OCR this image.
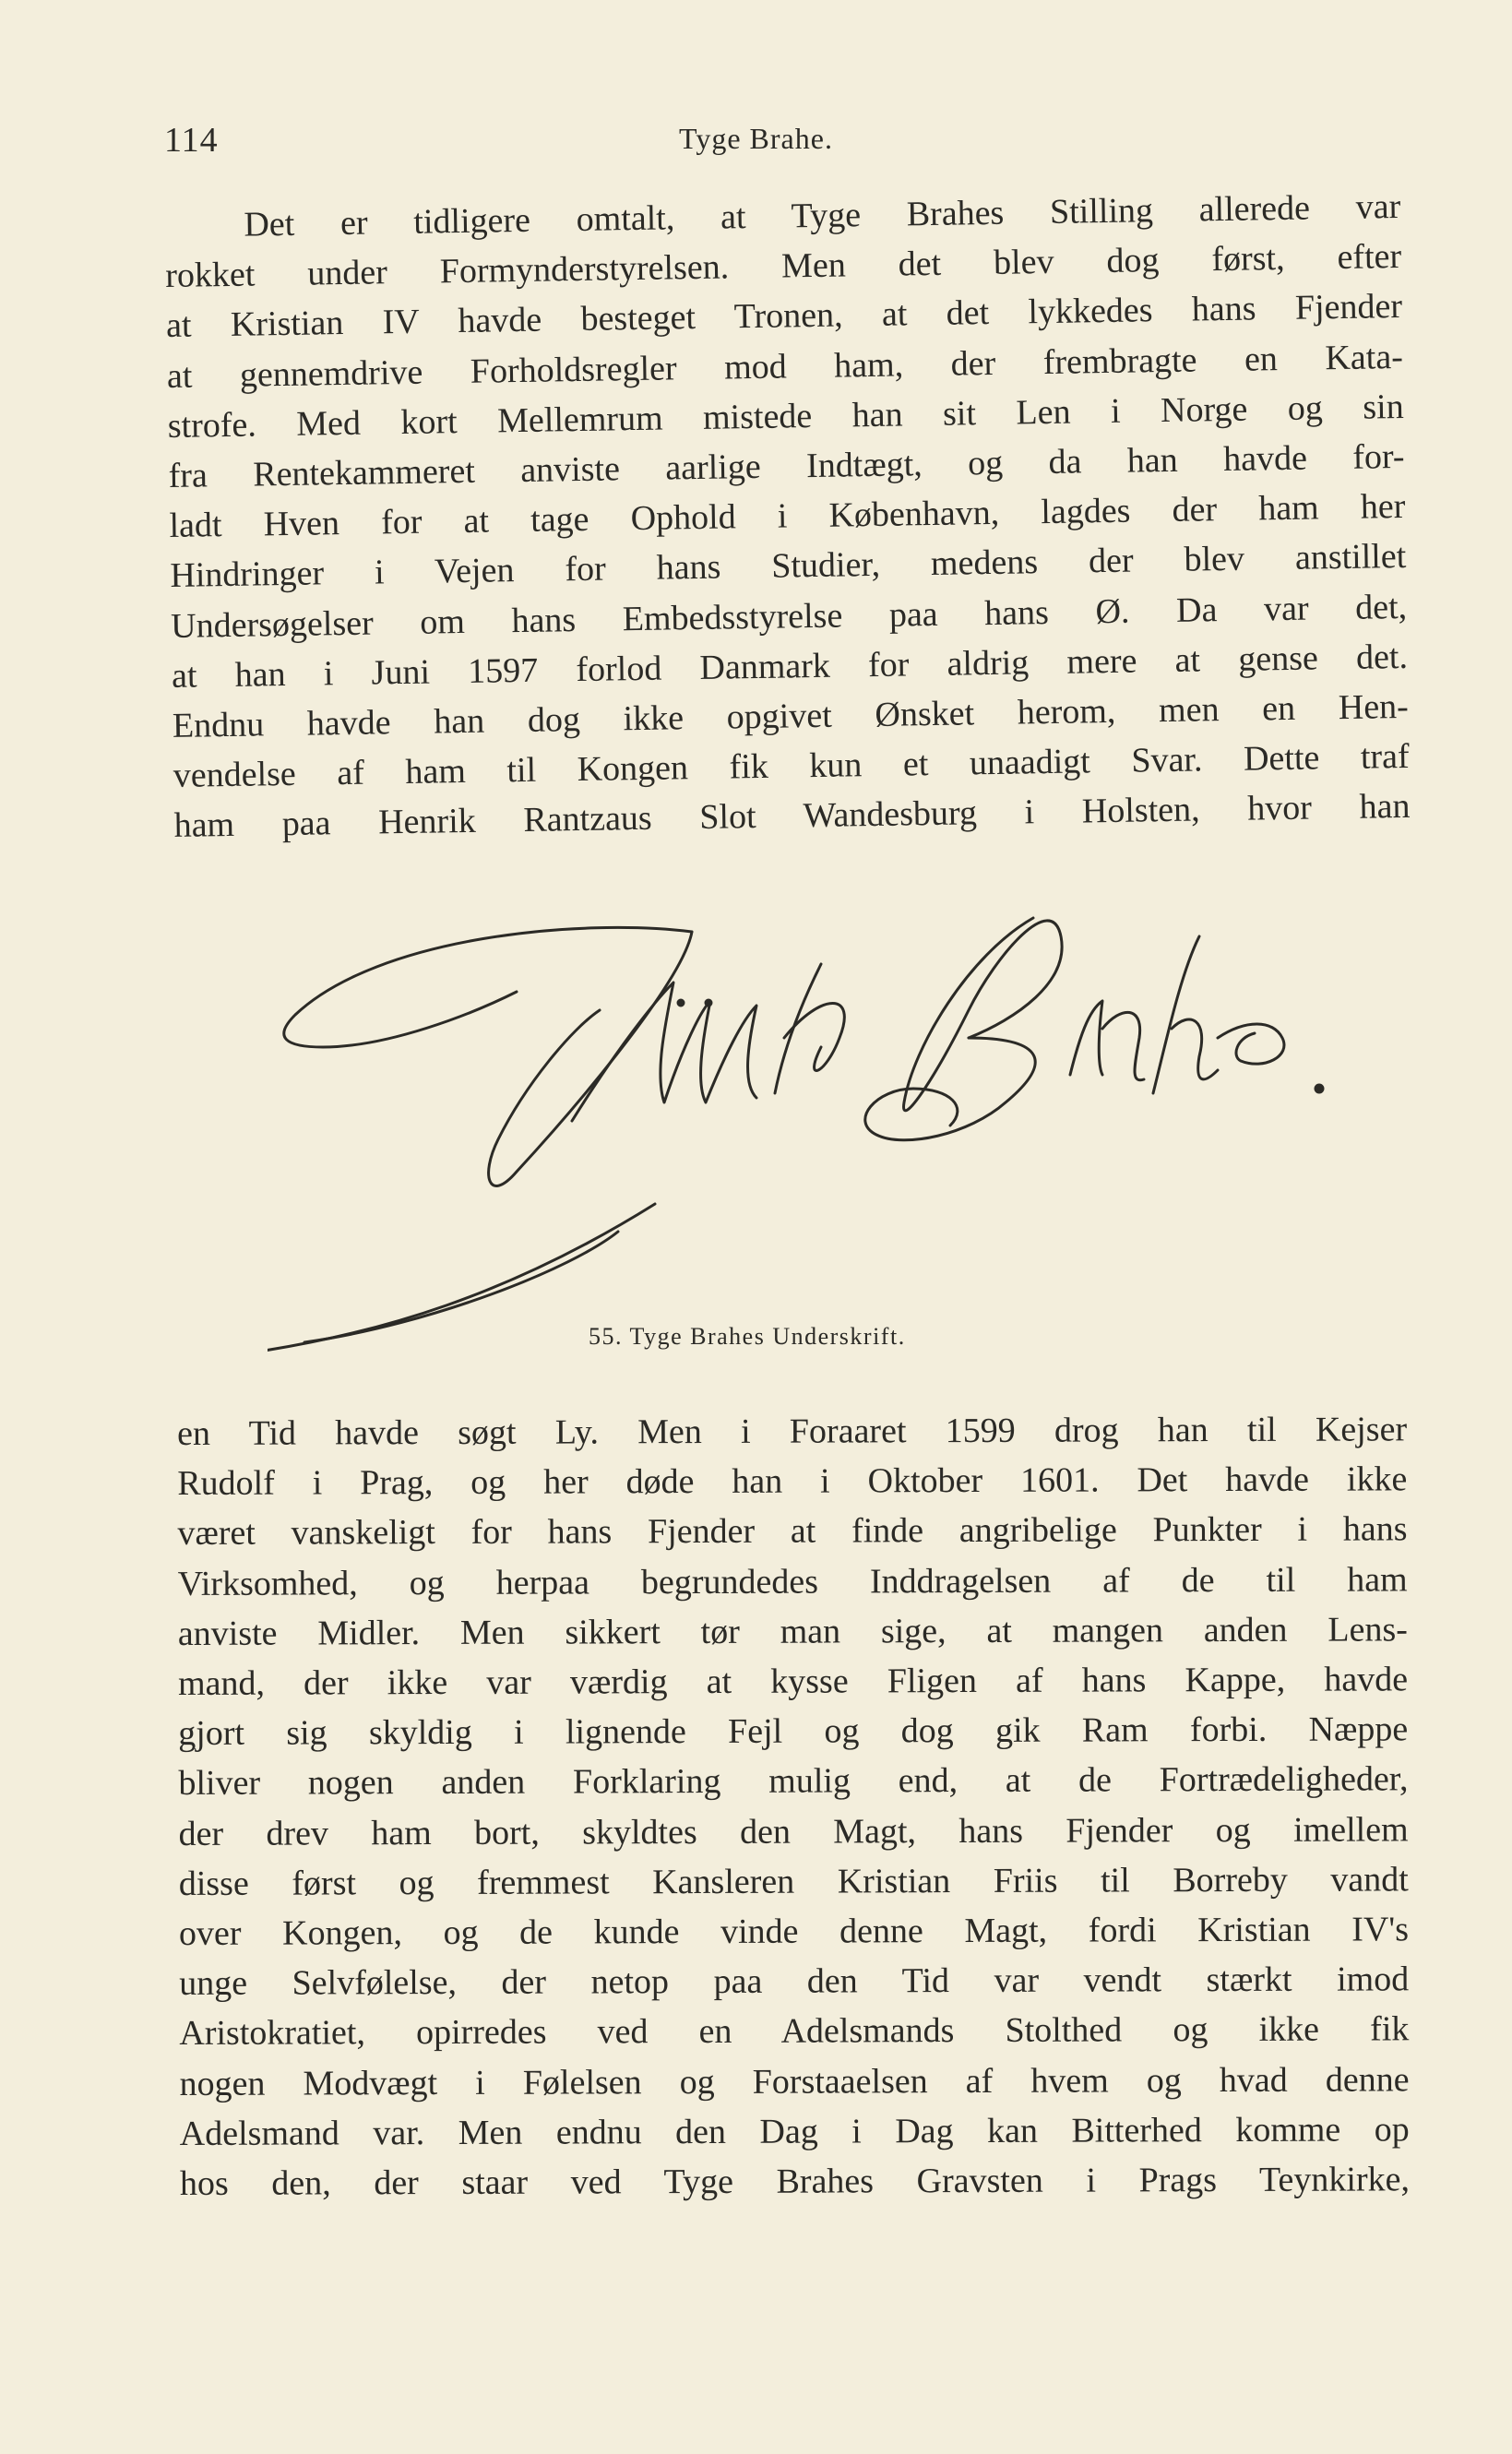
114	Tyge Brahe.
Det er tidligere omtalt, at Tyge Brahes Stilling allerede var
rokket under Formynderstyrelsen. Men det blev dog først, efter
at Kristian IV havde besteget Tronen, at det lykkedes hans Fjender
at gennemdrive Forholdsregler mod ham, der frembragte en Kata-
strofe. Med kort Mellemrum mistede han sit Len i Norge og sin
fra Rentekammeret anviste aarlige Indtægt, og da han havde for-
ladt Hven for at tage Ophold i København, lagdes der ham her
Hindringer i Vejen for hans Studier, medens der blev anstillet
Undersøgelser om hans Embedsstyrelse paa hans Ø. Da var det,
at han i Juni 1597 forlod Danmark for aldrig mere at gense det.
Endnu havde han dog ikke opgivet Ønsket herom, men en Hen-
vendelse af ham til Kongen fik kun et unaadigt Svar. Dette traf
ham paa Henrik Rantzaus Slot Wandesburg i Holsten, hvor han
55. Tyge Brahes Underskrift.
en Tid havde søgt Ly. Men i Foraaret 1599 drog han til Kejser
Rudolf i Prag, og her døde han i Oktober 1601. Det havde ikke
været vanskeligt for hans Fjender at finde angribelige Punkter i hans
Virksomhed, og herpaa begrundedes Inddragelsen af de til ham
anviste Midler. Men sikkert tør man sige, at mangen anden Lens-
mand, der ikke var værdig at kysse Fligen af hans Kappe, havde
gjort sig skyldig i lignende Fejl og dog gik Ram forbi. Næppe
bliver nogen anden Forklaring mulig end, at de Fortrædeligheder,
der drev ham bort, skyldtes den Magt, hans Fjender og imellem
disse først og fremmest Kansleren Kristian Friis til Borreby vandt
over Kongen, og de kunde vinde denne Magt, fordi Kristian IV's
unge Selvfølelse, der netop paa den Tid var vendt stærkt imod
Aristokratiet, opirredes ved en Adelsmands Stolthed og ikke fik
nogen Modvægt i Følelsen og Forstaaelsen af hvem og hvad denne
Adelsmand var. Men endnu den Dag i Dag kan Bitterhed komme op
hos den, der staar ved Tyge Brahes Gravsten i Prags Teynkirke,
